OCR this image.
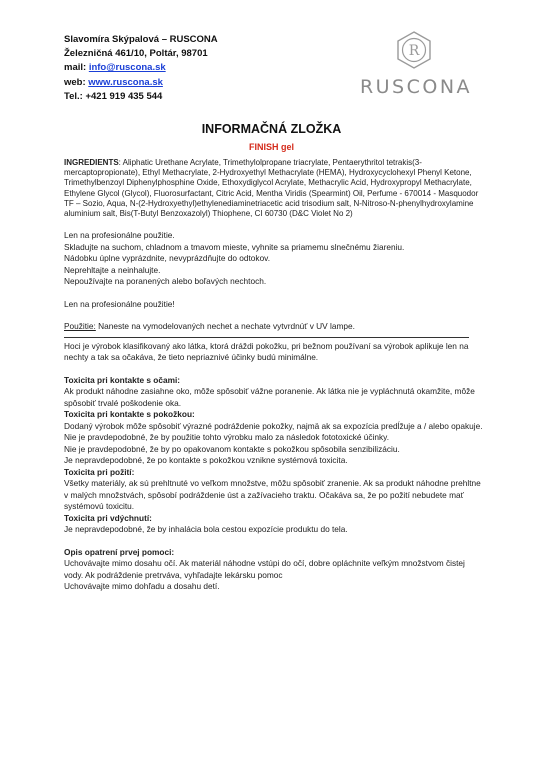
Slavomíra Skýpalová – RUSCONA
Železničná 461/10, Poltár, 98701
mail: info@ruscona.sk
web: www.ruscona.sk
Tel.: +421 919 435 544
R
RUSCONA
INFORMAČNÁ ZLOŽKA
FINISH gel

INGREDIENTS: Aliphatic Urethane Acrylate, Trimethylolpropane triacrylate, Pentaerythritol tetrakis(3-mercaptopropionate), Ethyl Methacrylate, 2-Hydroxyethyl Methacrylate (HEMA), Hydroxycyclohexyl Phenyl Ketone, Trimethylbenzoyl Diphenylphosphine Oxide, Ethoxydiglycol Acrylate, Methacrylic Acid, Hydroxypropyl Methacrylate, Ethylene Glycol (Glycol), Fluorosurfactant, Citric Acid, Mentha Viridis (Spearmint) Oil, Perfume - 670014 - Masquodor TF – Sozio, Aqua, N-(2-Hydroxyethyl)ethylenediaminetriacetic acid trisodium salt, N-Nitroso-N-phenylhydroxylamine aluminium salt, Bis(T-Butyl Benzoxazolyl) Thiophene, CI 60730 (D&C Violet No 2)

Len na profesionálne použitie.

Skladujte na suchom, chladnom a tmavom mieste, vyhnite sa priamemu slnečnému žiareniu.

Nádobku úplne vyprázdnite, nevyprázdňujte do odtokov.

Neprehltajte a neinhalujte.

Nepoužívajte na poranených alebo boľavých nechtoch.

Len na profesionálne použitie!

Použitie: Naneste na vymodelovaných nechet a nechate vytvrdnúť v UV lampe.

Hoci je výrobok klasifikovaný ako látka, ktorá dráždi pokožku, pri bežnom používaní sa výrobok aplikuje len na nechty a tak sa očakáva, že tieto nepriaznivé účinky budú minimálne.

Toxicita pri kontakte s očami:

Ak produkt náhodne zasiahne oko, môže spôsobiť vážne poranenie. Ak látka nie je vypláchnutá okamžite, môže spôsobiť trvalé poškodenie oka.

Toxicita pri kontakte s pokožkou:

Dodaný výrobok môže spôsobiť výrazné podráždenie pokožky, najmä ak sa expozícia predĺžuje a / alebo opakuje. Nie je pravdepodobné, že by použitie tohto výrobku malo za následok fototoxické účinky.

Nie je pravdepodobné, že by po opakovanom kontakte s pokožkou spôsobila senzibilizáciu.

Je nepravdepodobné, že po kontakte s pokožkou vznikne systémová toxicita.

Toxicita pri požití:

Všetky materiály, ak sú prehltnuté vo veľkom množstve, môžu spôsobiť zranenie. Ak sa produkt náhodne prehltne v malých množstvách, spôsobí podráždenie úst a zažívacieho traktu. Očakáva sa, že po požití nebudete mať systémovú toxicitu.

Toxicita pri vdýchnutí:

Je nepravdepodobné, že by inhalácia bola cestou expozície produktu do tela.

Opis opatrení prvej pomoci:

Uchovávajte mimo dosahu očí. Ak materiál náhodne vstúpi do očí, dobre opláchnite veľkým množstvom čistej vody. Ak podráždenie pretrváva, vyhľadajte lekársku pomoc

Uchovávajte mimo dohľadu a dosahu detí.
